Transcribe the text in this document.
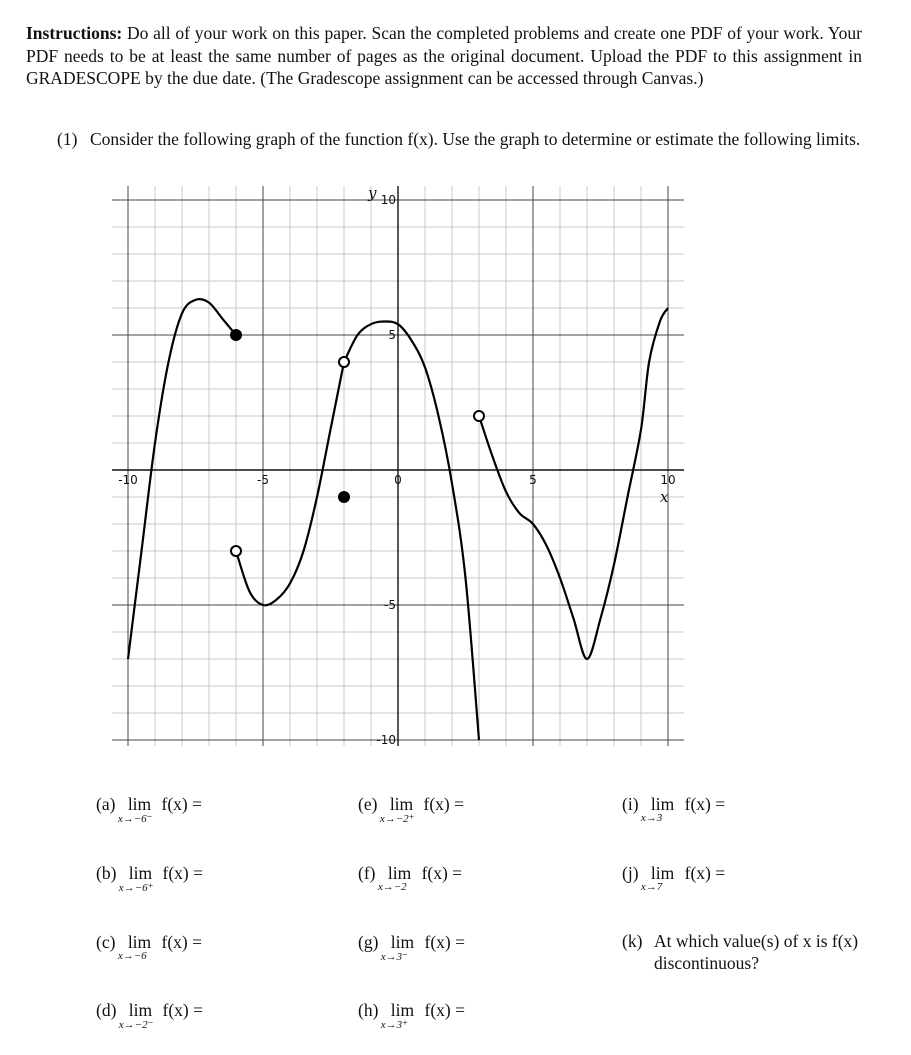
Instructions: Do all of your work on this paper. Scan the completed problems and create one PDF of your work. Your PDF needs to be at least the same number of pages as the original document. Upload the PDF to this assignment in GRADESCOPE by the due date. (The Gradescope assignment can be accessed through Canvas.)
(1) Consider the following graph of the function f(x). Use the graph to determine or estimate the following limits.
-10	-5	0	5	10
10
5
-5
-10
x
y
(a) lim
x→−6⁻
f(x) =
(b) lim
x→−6⁺
f(x) =
(c) lim
x→−6
f(x) =
(d) lim
x→−2⁻
f(x) =
(e) lim
x→−2⁺
f(x) =
(f) lim
x→−2
f(x) =
(g) lim
x→3⁻
f(x) =
(h) lim
x→3⁺
f(x) =
(i) lim
x→3
f(x) =
(j) lim
x→7
f(x) =
(k) At which value(s) of x is f(x) discontinuous?
